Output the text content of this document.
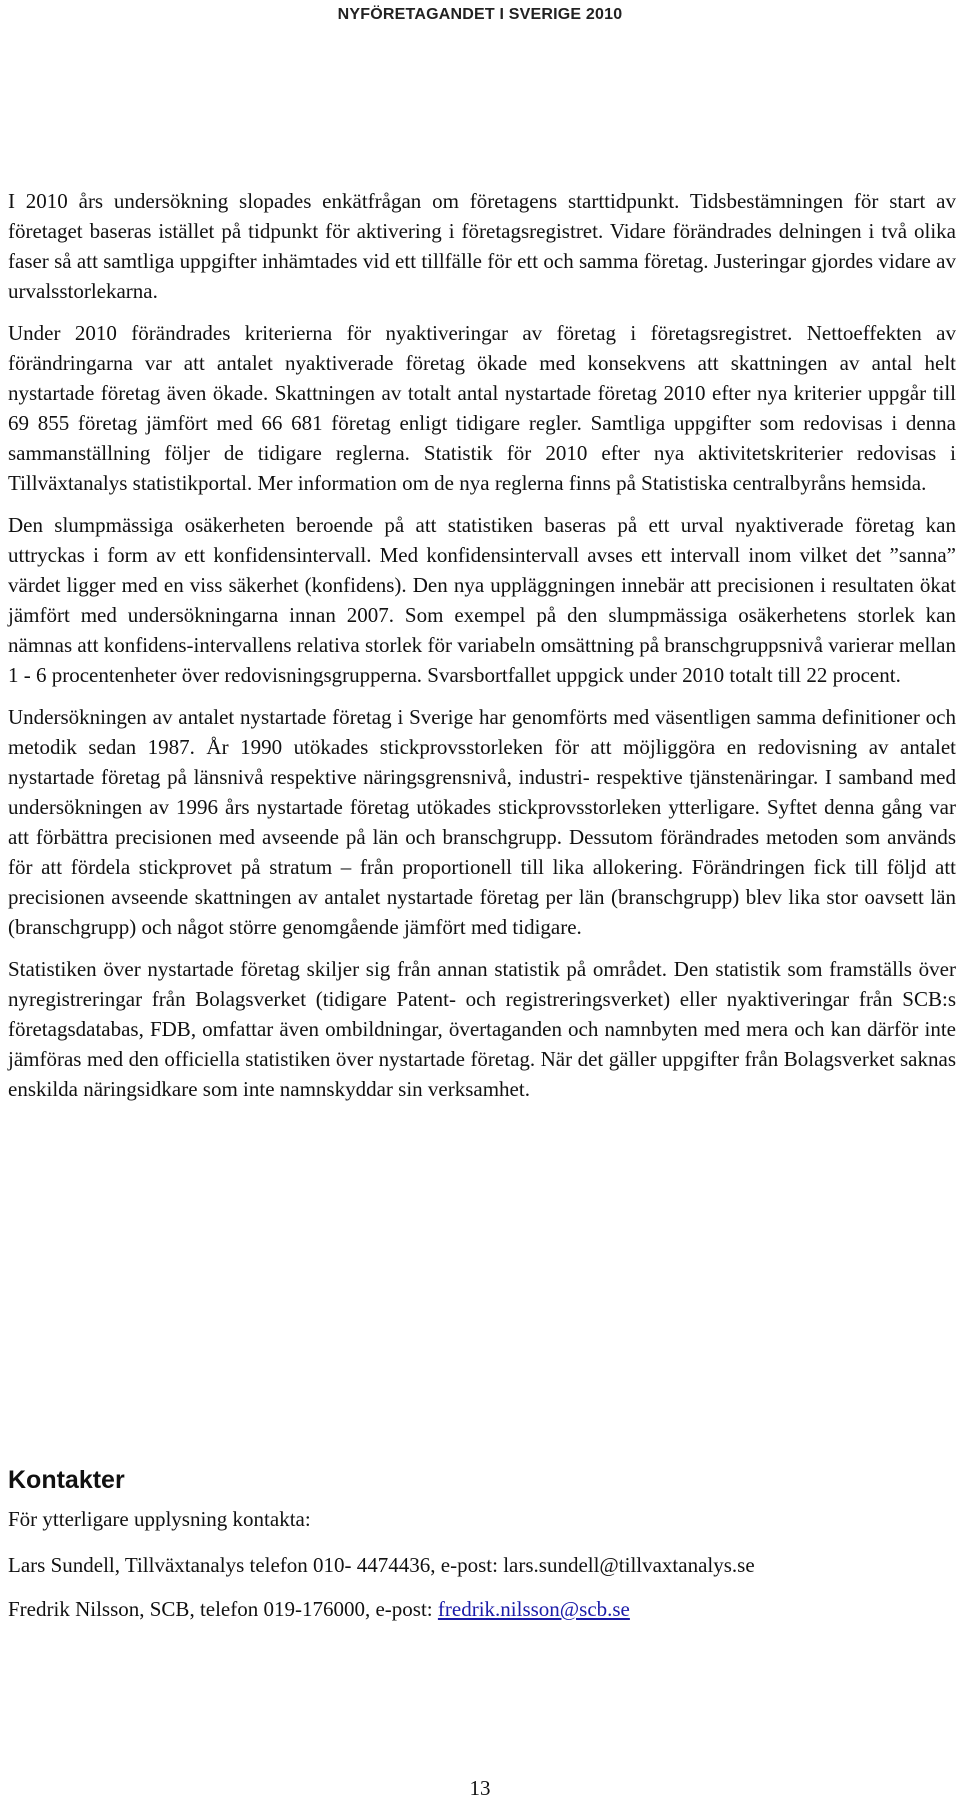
NYFÖRETAGANDET I SVERIGE 2010

I 2010 års undersökning slopades enkätfrågan om företagens starttidpunkt. Tidsbestämningen för start av företaget baseras istället på tidpunkt för aktivering i företagsregistret. Vidare förändrades delningen i två olika faser så att samtliga uppgifter inhämtades vid ett tillfälle för ett och samma företag. Justeringar gjordes vidare av urvalsstorlekarna.

Under 2010 förändrades kriterierna för nyaktiveringar av företag i företagsregistret. Nettoeffekten av förändringarna var att antalet nyaktiverade företag ökade med konsekvens att skattningen av antal helt nystartade företag även ökade. Skattningen av totalt antal nystartade företag 2010 efter nya kriterier uppgår till 69 855 företag jämfört med 66 681 företag enligt tidigare regler. Samtliga uppgifter som redovisas i denna sammanställning följer de tidigare reglerna. Statistik för 2010 efter nya aktivitetskriterier redovisas i Tillväxtanalys statistikportal. Mer information om de nya reglerna finns på Statistiska centralbyråns hemsida.

Den slumpmässiga osäkerheten beroende på att statistiken baseras på ett urval nyaktiverade företag kan uttryckas i form av ett konfidensintervall. Med konfidensintervall avses ett intervall inom vilket det ”sanna” värdet ligger med en viss säkerhet (konfidens). Den nya uppläggningen innebär att precisionen i resultaten ökat jämfört med undersökningarna innan 2007. Som exempel på den slumpmässiga osäkerhetens storlek kan nämnas att konfidens-intervallens relativa storlek för variabeln omsättning på branschgruppsnivå varierar mellan 1 - 6 procentenheter över redovisningsgrupperna. Svarsbortfallet uppgick under 2010 totalt till 22 procent.

Undersökningen av antalet nystartade företag i Sverige har genomförts med väsentligen samma definitioner och metodik sedan 1987. År 1990 utökades stickprovsstorleken för att möjliggöra en redovisning av antalet nystartade företag på länsnivå respektive näringsgrensnivå, industri- respektive tjänstenäringar. I samband med undersökningen av 1996 års nystartade företag utökades stickprovsstorleken ytterligare. Syftet denna gång var att förbättra precisionen med avseende på län och branschgrupp. Dessutom förändrades metoden som används för att fördela stickprovet på stratum – från proportionell till lika allokering. Förändringen fick till följd att precisionen avseende skattningen av antalet nystartade företag per län (branschgrupp) blev lika stor oavsett län (branschgrupp) och något större genomgående jämfört med tidigare.

Statistiken över nystartade företag skiljer sig från annan statistik på området. Den statistik som framställs över nyregistreringar från Bolagsverket (tidigare Patent- och registreringsverket) eller nyaktiveringar från SCB:s företagsdatabas, FDB, omfattar även ombildningar, övertaganden och namnbyten med mera och kan därför inte jämföras med den officiella statistiken över nystartade företag. När det gäller uppgifter från Bolagsverket saknas enskilda näringsidkare som inte namnskyddar sin verksamhet.

Kontakter

För ytterligare upplysning kontakta:

Lars Sundell, Tillväxtanalys telefon 010- 4474436, e-post: lars.sundell@tillvaxtanalys.se

Fredrik Nilsson, SCB, telefon 019-176000, e-post: fredrik.nilsson@scb.se

13
